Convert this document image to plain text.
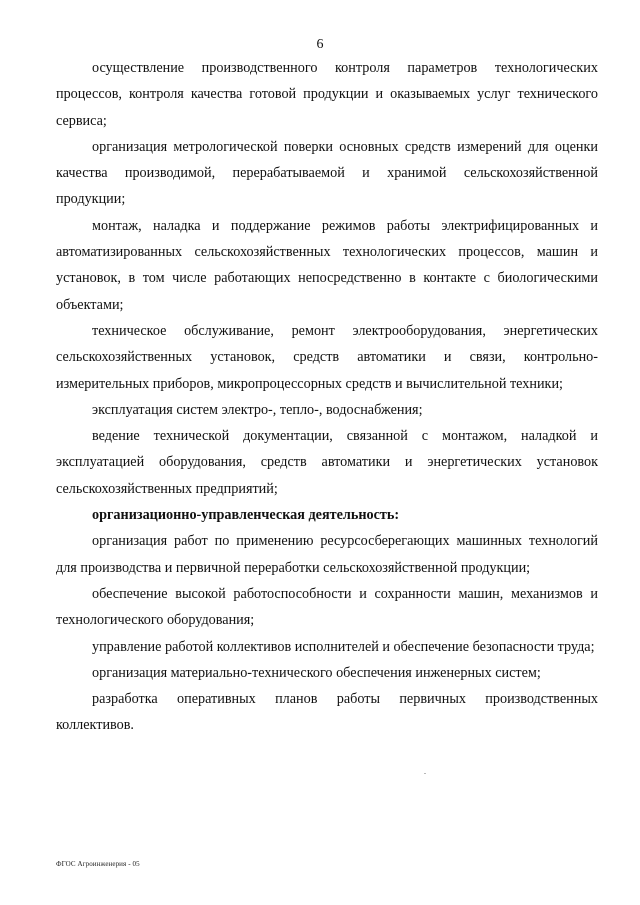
6

осуществление производственного контроля параметров технологических процессов, контроля качества готовой продукции и оказываемых услуг технического сервиса;

организация метрологической поверки основных средств измерений для оценки качества производимой, перерабатываемой и хранимой сельскохозяйственной продукции;

монтаж, наладка и поддержание режимов работы электрифицированных и автоматизированных сельскохозяйственных технологических процессов, машин и установок, в том числе работающих непосредственно в контакте с биологическими объектами;

техническое обслуживание, ремонт электрооборудования, энергетических сельскохозяйственных установок, средств автоматики и связи, контрольно-измерительных приборов, микропроцессорных средств и вычислительной техники;

эксплуатация систем электро-, тепло-, водоснабжения;

ведение технической документации, связанной с монтажом, наладкой и эксплуатацией оборудования, средств автоматики и энергетических установок сельскохозяйственных предприятий;

организационно-управленческая деятельность:

организация работ по применению ресурсосберегающих машинных технологий для производства и первичной переработки сельскохозяйственной продукции;

обеспечение высокой работоспособности и сохранности машин, механизмов и технологического оборудования;

управление работой коллективов исполнителей и обеспечение безопасности труда;

организация материально-технического обеспечения инженерных систем;

разработка оперативных планов работы первичных производственных коллективов.

ФГОС Агроинженерия - 05
